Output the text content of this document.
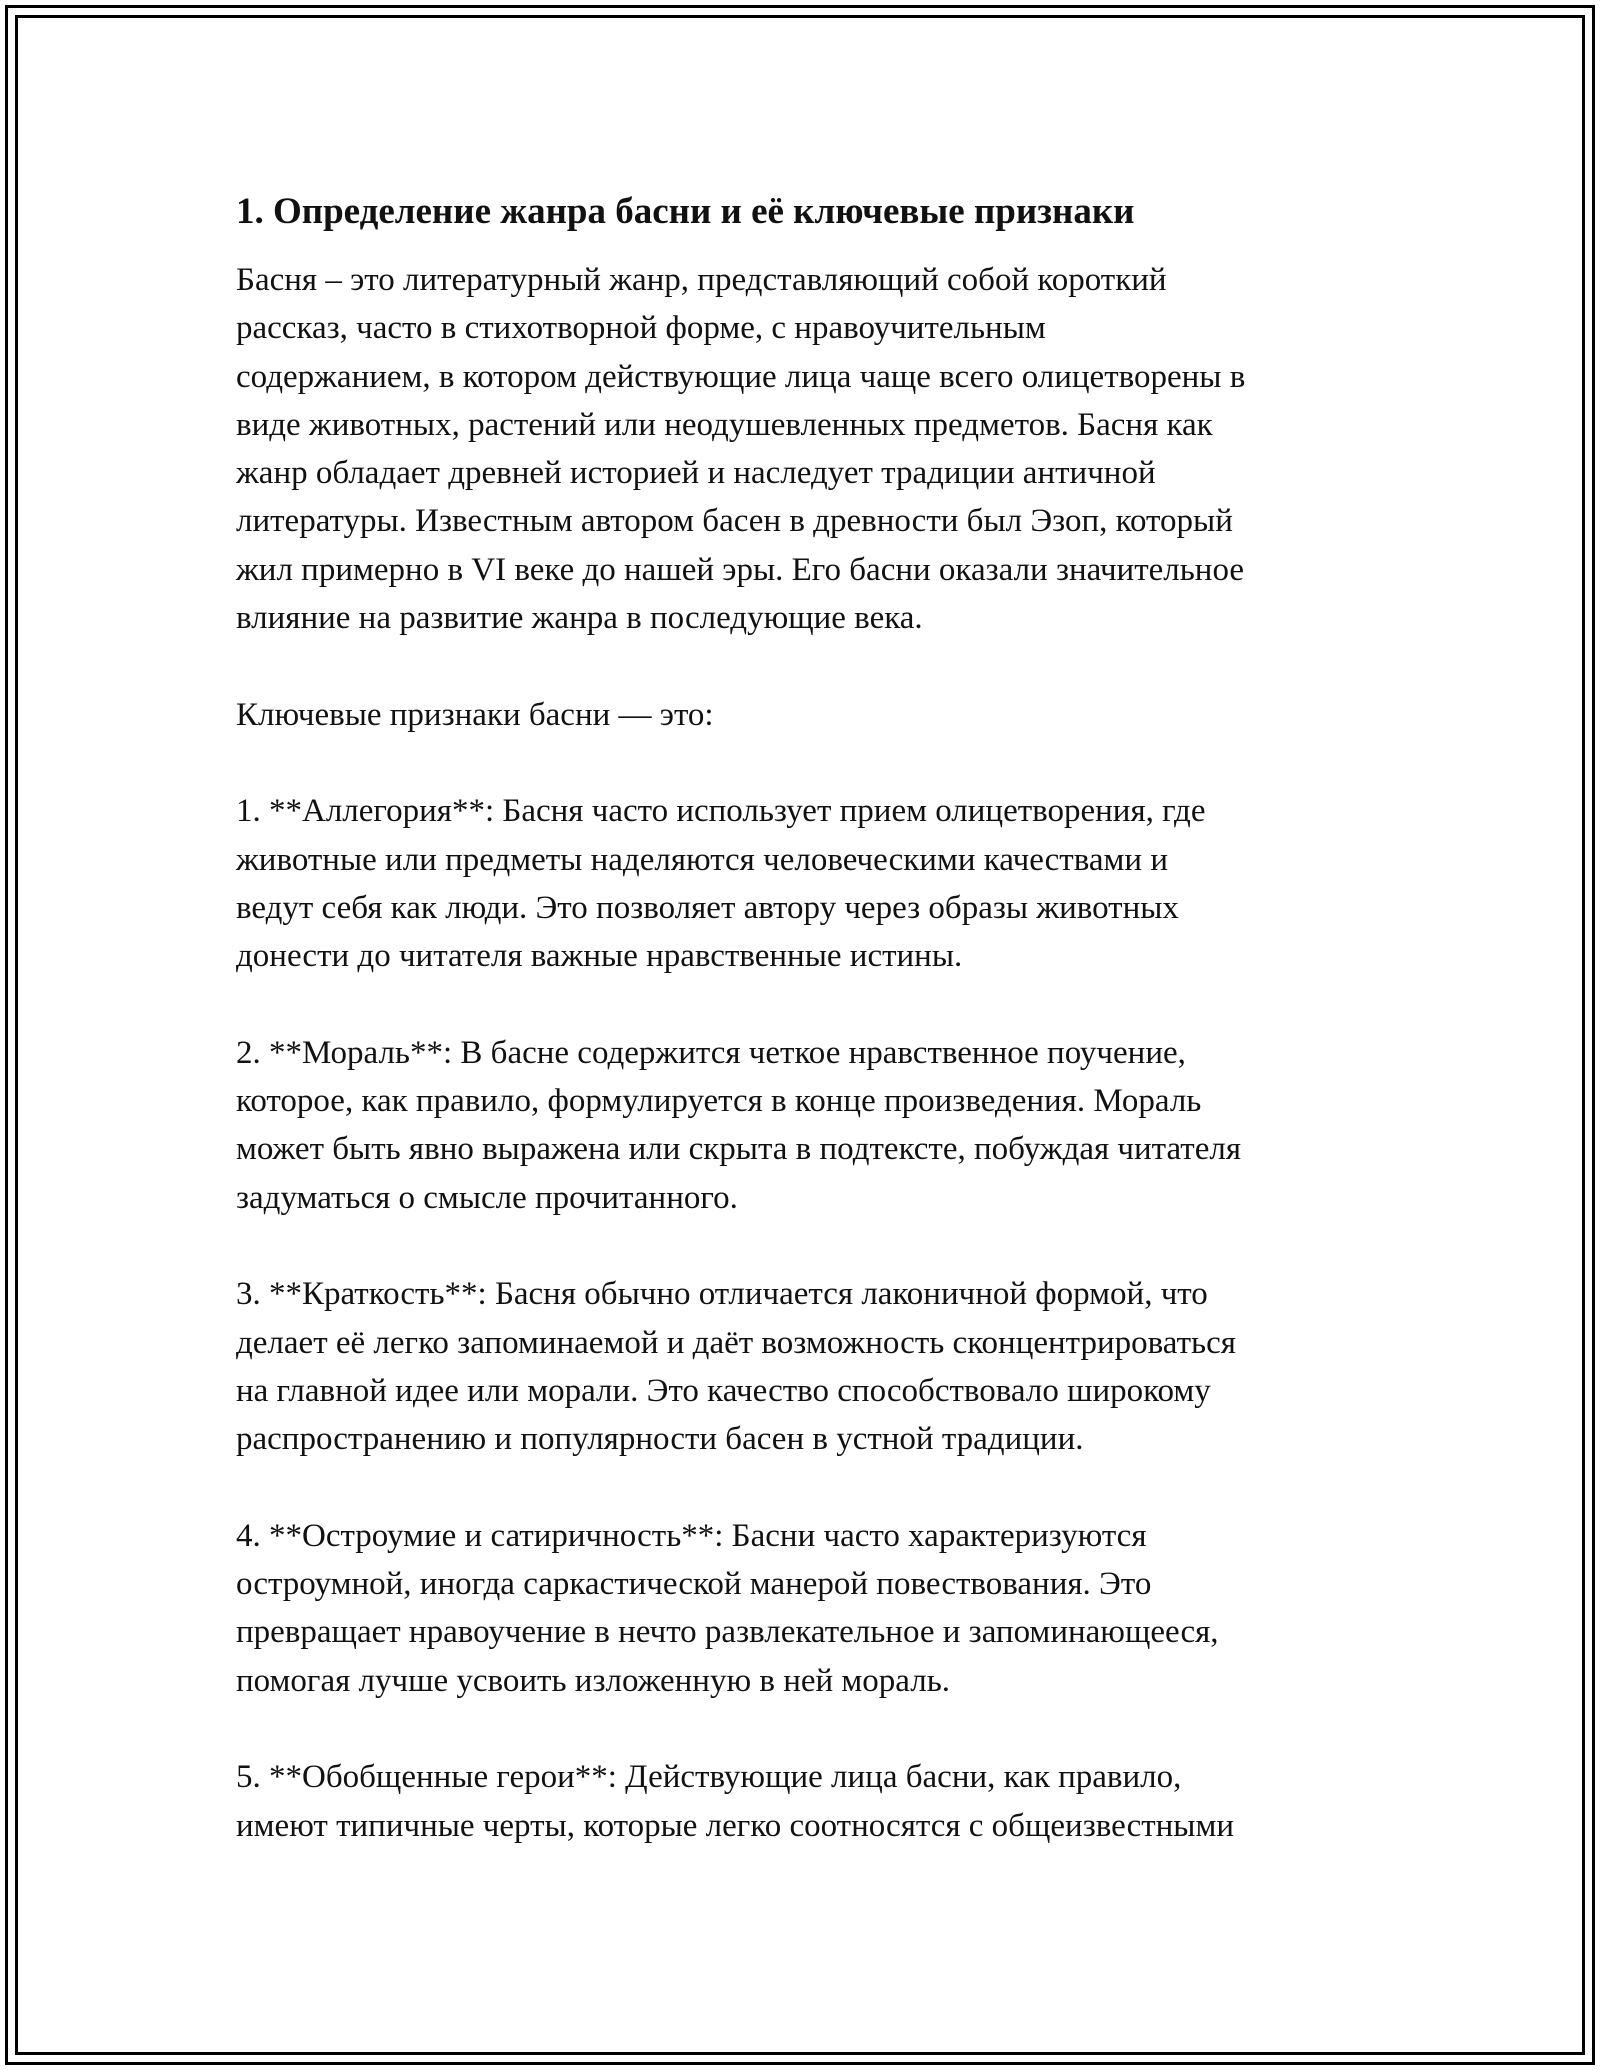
1. Определение жанра басни и её ключевые признаки

Басня – это литературный жанр, представляющий собой короткий
рассказ, часто в стихотворной форме, с нравоучительным
содержанием, в котором действующие лица чаще всего олицетворены в
виде животных, растений или неодушевленных предметов. Басня как
жанр обладает древней историей и наследует традиции античной
литературы. Известным автором басен в древности был Эзоп, который
жил примерно в VI веке до нашей эры. Его басни оказали значительное
влияние на развитие жанра в последующие века.

Ключевые признаки басни — это:

1. **Аллегория**: Басня часто использует прием олицетворения, где
животные или предметы наделяются человеческими качествами и
ведут себя как люди. Это позволяет автору через образы животных
донести до читателя важные нравственные истины.

2. **Мораль**: В басне содержится четкое нравственное поучение,
которое, как правило, формулируется в конце произведения. Мораль
может быть явно выражена или скрыта в подтексте, побуждая читателя
задуматься о смысле прочитанного.

3. **Краткость**: Басня обычно отличается лаконичной формой, что
делает её легко запоминаемой и даёт возможность сконцентрироваться
на главной идее или морали. Это качество способствовало широкому
распространению и популярности басен в устной традиции.

4. **Остроумие и сатиричность**: Басни часто характеризуются
остроумной, иногда саркастической манерой повествования. Это
превращает нравоучение в нечто развлекательное и запоминающееся,
помогая лучше усвоить изложенную в ней мораль.

5. **Обобщенные герои**: Действующие лица басни, как правило,
имеют типичные черты, которые легко соотносятся с общеизвестными
